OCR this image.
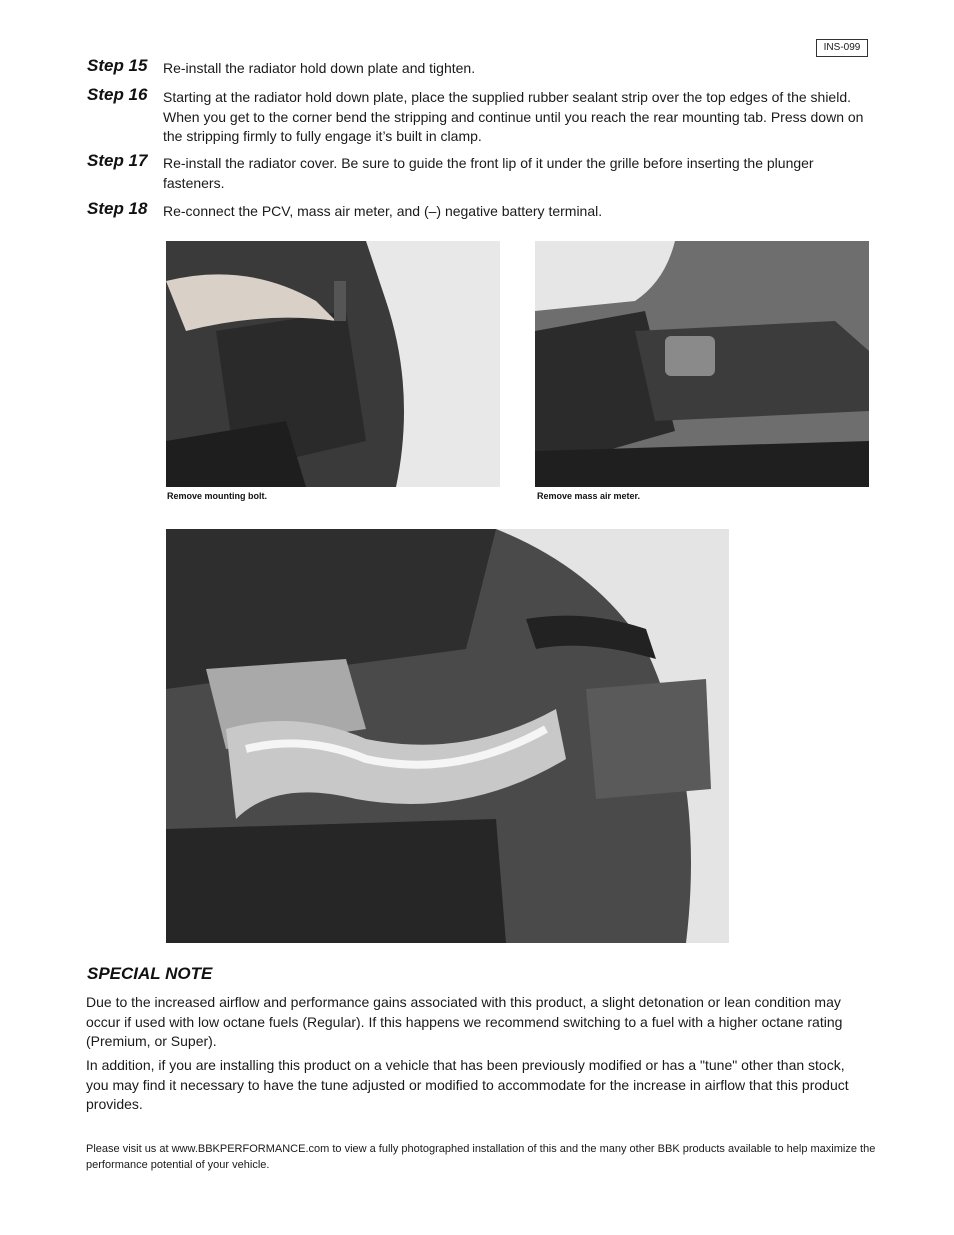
INS-099
Step 15 Re-install the radiator hold down plate and tighten.
Step 16 Starting at the radiator hold down plate, place the supplied rubber sealant strip over the top edges of the shield. When you get to the corner bend the stripping and continue until you reach the rear mounting tab. Press down on the stripping firmly to fully engage it’s built in clamp.
Step 17 Re-install the radiator cover. Be sure to guide the front lip of it under the grille before inserting the plunger fasteners.
Step 18 Re-connect the PCV, mass air meter, and (–) negative battery terminal.
Remove mounting bolt.	Remove mass air meter.
SPECIAL NOTE
Due to the increased airflow and performance gains associated with this product, a slight detonation or lean condition may occur if used with low octane fuels (Regular). If this happens we recommend switching to a fuel with a higher octane rating (Premium, or Super).
In addition, if you are installing this product on a vehicle that has been previously modified or has a "tune" other than stock, you may find it necessary to have the tune adjusted or modified to accommodate for the increase in airflow that this product provides.
Please visit us at www.BBKPERFORMANCE.com to view a fully photographed installation of this and the many other BBK products available to help maximize the performance potential of your vehicle.
